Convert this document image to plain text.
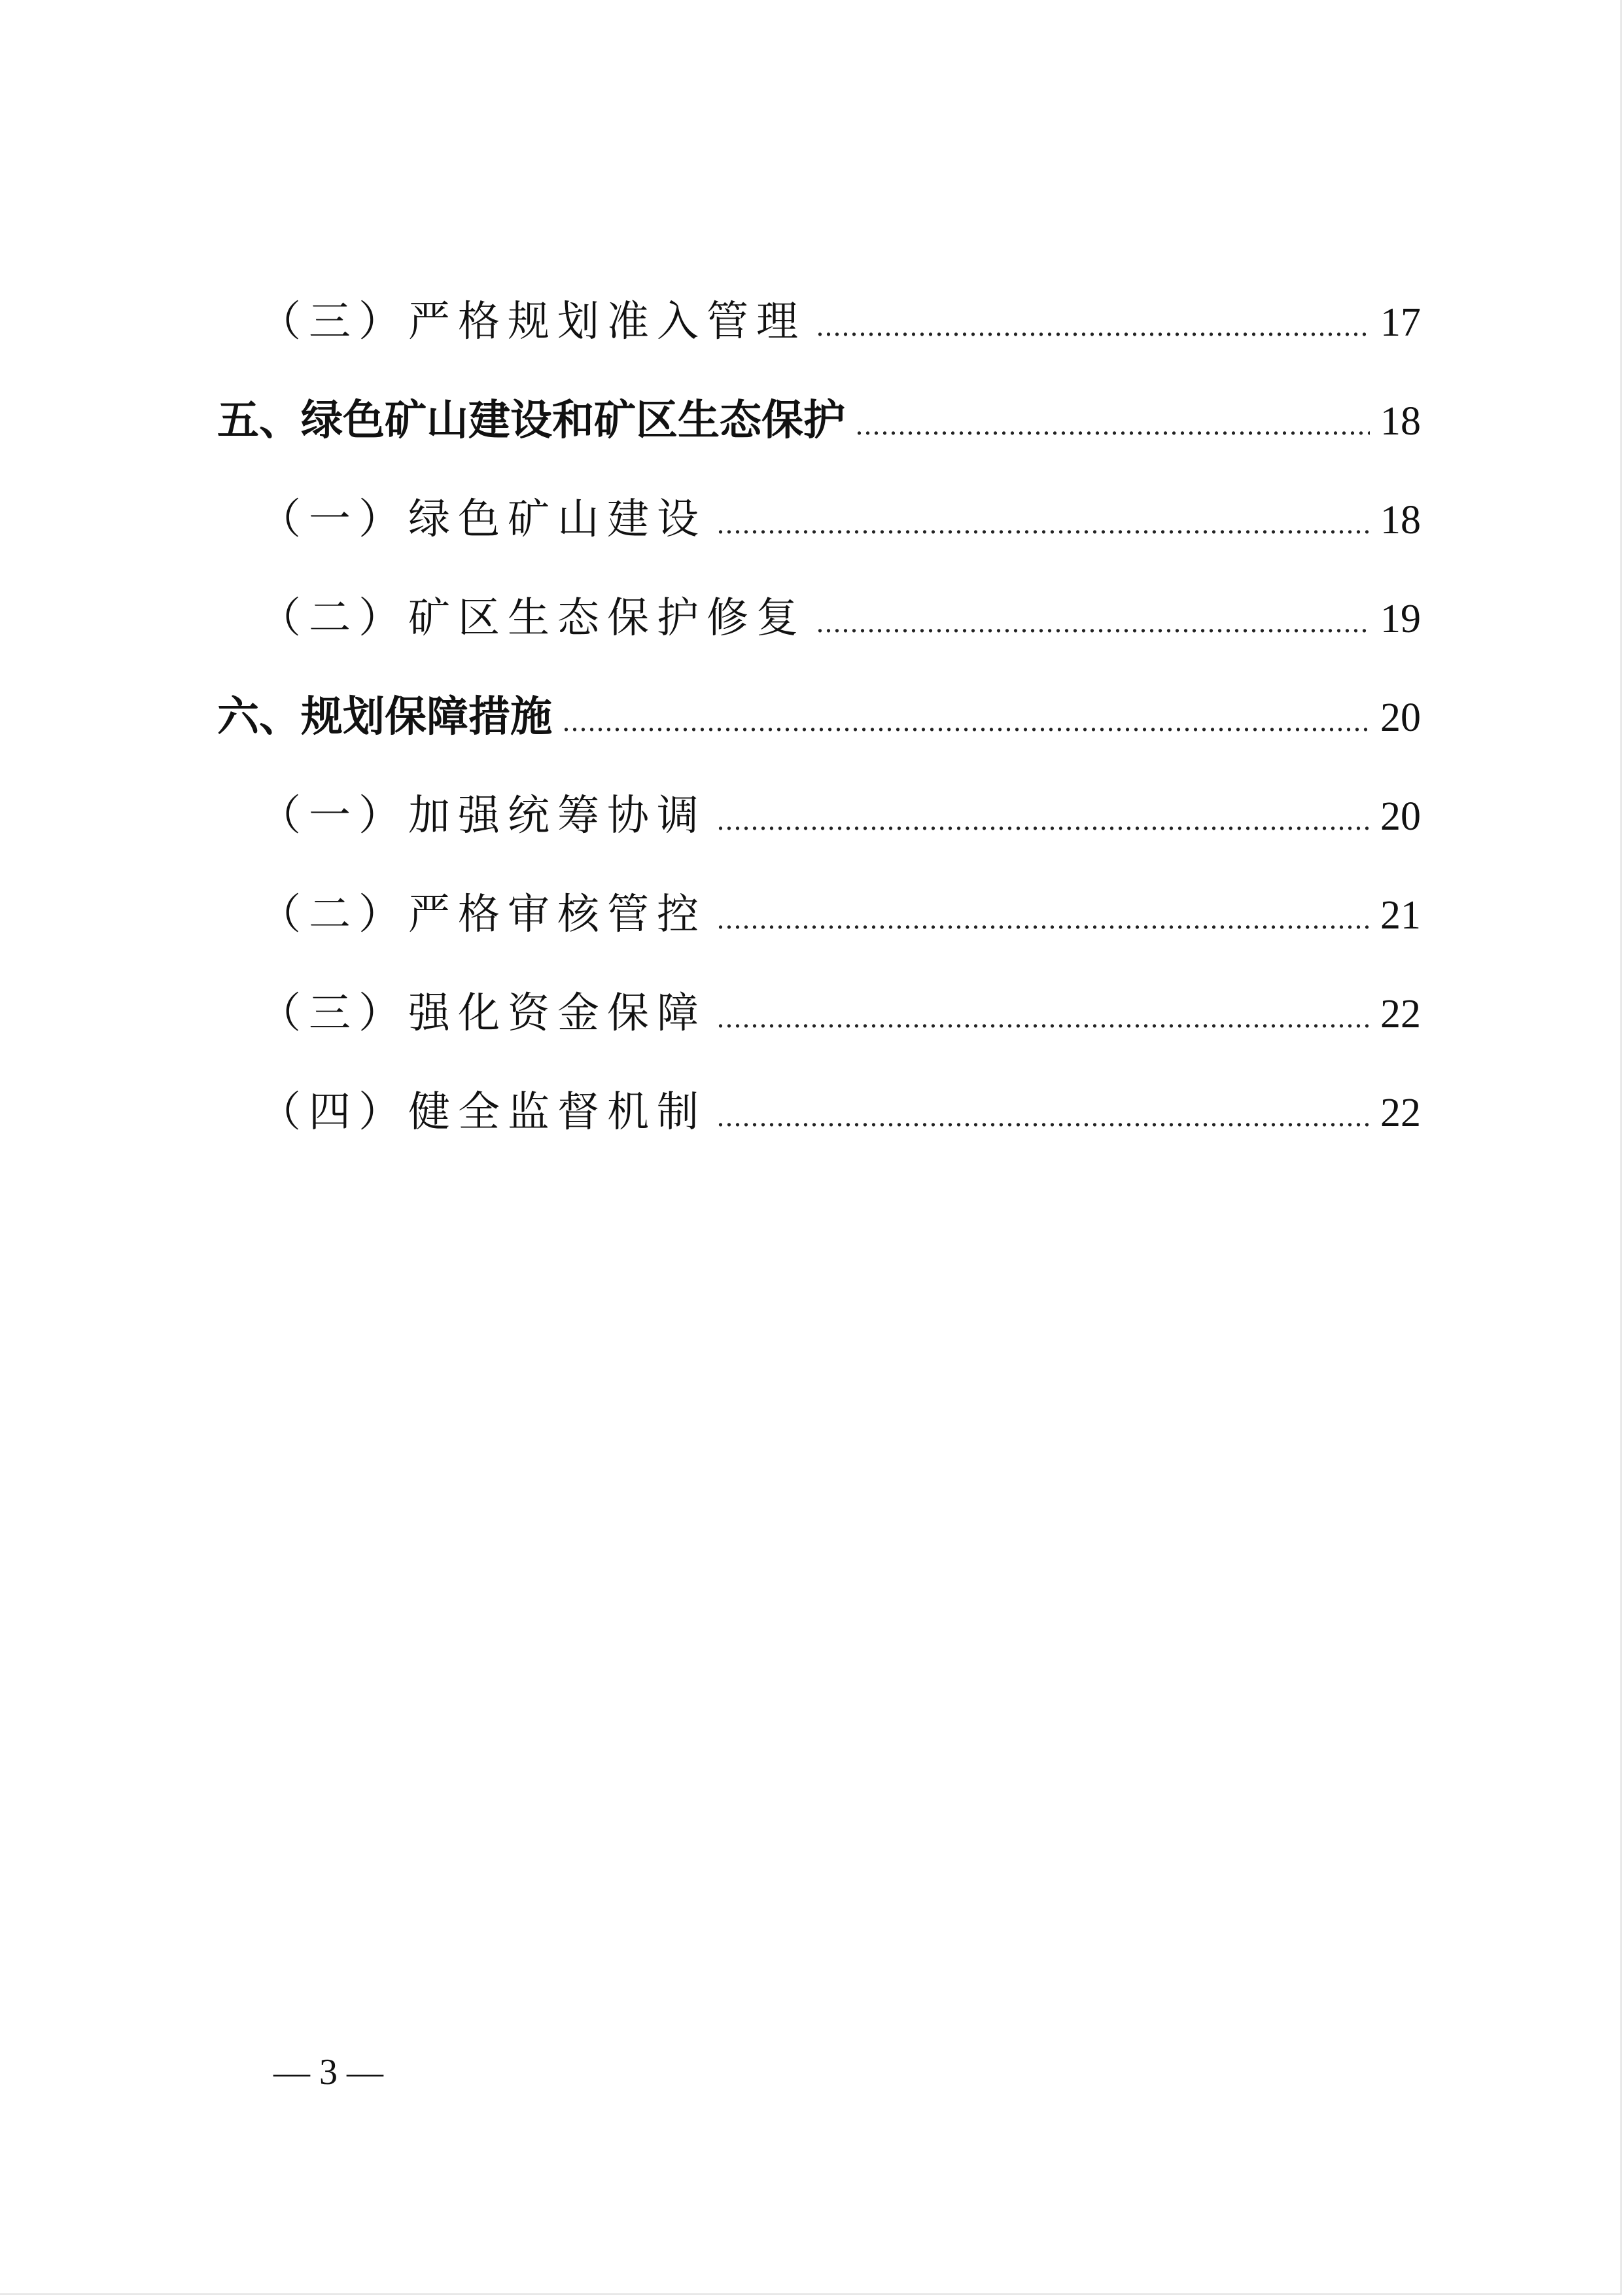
（三）严格规划准入管理 .....	17
五、绿色矿山建设和矿区生态保护 .....	18
（一）绿色矿山建设 .....	18
（二）矿区生态保护修复 .....	19
六、规划保障措施 .....	20
（一）加强统筹协调 .....	20
（二）严格审核管控 .....	21
（三）强化资金保障 .....	22
（四）健全监督机制 .....	22
— 3 —
